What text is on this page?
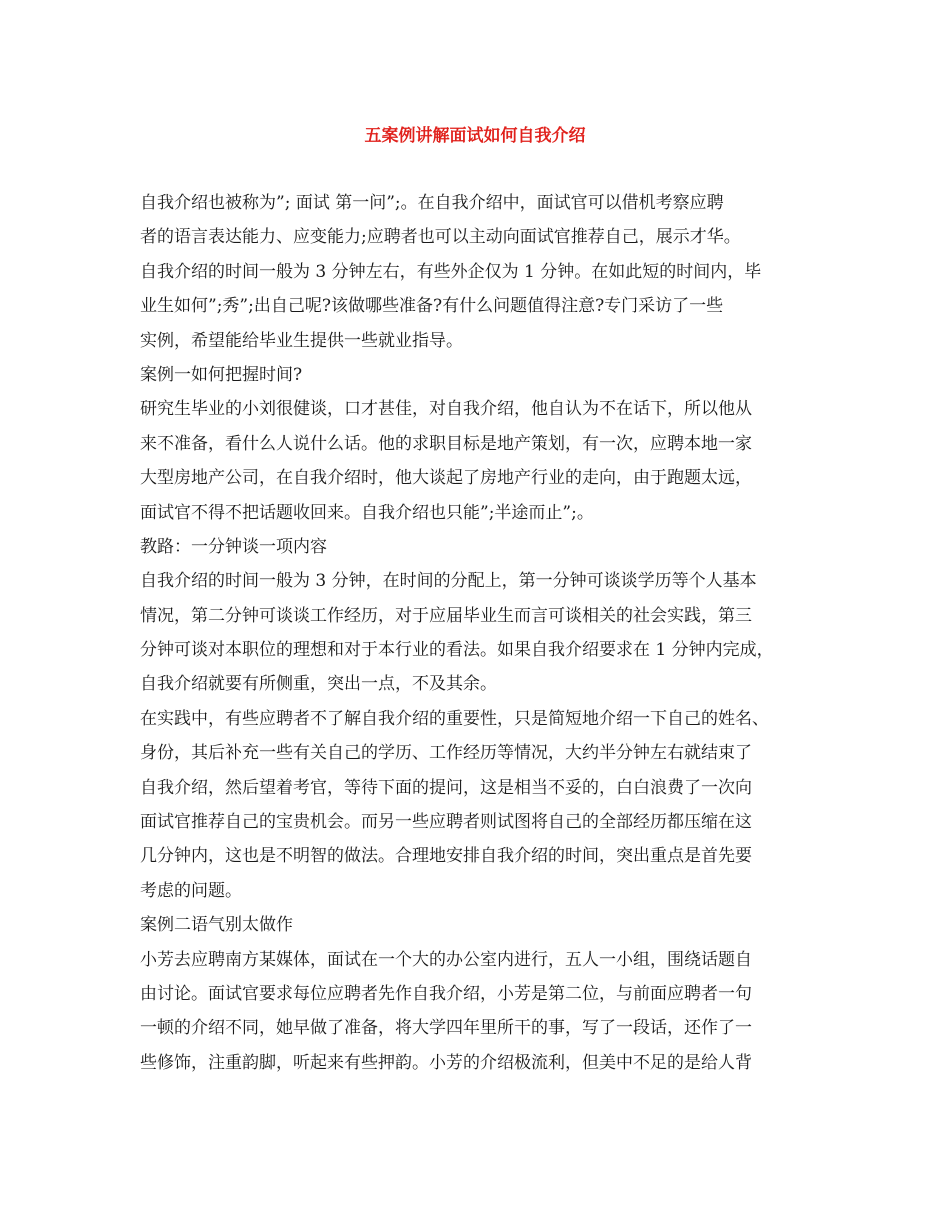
五案例讲解面试如何自我介绍
自我介绍也被称为”; 面试 第一问”;。在自我介绍中，面试官可以借机考察应聘
者的语言表达能力、应变能力;应聘者也可以主动向面试官推荐自己，展示才华。
自我介绍的时间一般为 3 分钟左右，有些外企仅为 1 分钟。在如此短的时间内，毕
业生如何”;秀”;出自己呢?该做哪些准备?有什么问题值得注意?专门采访了一些
实例，希望能给毕业生提供一些就业指导。
案例一如何把握时间?
研究生毕业的小刘很健谈，口才甚佳，对自我介绍，他自认为不在话下，所以他从
来不准备，看什么人说什么话。他的求职目标是地产策划，有一次，应聘本地一家
大型房地产公司，在自我介绍时，他大谈起了房地产行业的走向，由于跑题太远，
面试官不得不把话题收回来。自我介绍也只能”;半途而止”;。
教路：一分钟谈一项内容
自我介绍的时间一般为 3 分钟，在时间的分配上，第一分钟可谈谈学历等个人基本
情况，第二分钟可谈谈工作经历，对于应届毕业生而言可谈相关的社会实践，第三
分钟可谈对本职位的理想和对于本行业的看法。如果自我介绍要求在 1 分钟内完成，
自我介绍就要有所侧重，突出一点，不及其余。
在实践中，有些应聘者不了解自我介绍的重要性，只是简短地介绍一下自己的姓名、
身份，其后补充一些有关自己的学历、工作经历等情况，大约半分钟左右就结束了
自我介绍，然后望着考官，等待下面的提问，这是相当不妥的，白白浪费了一次向
面试官推荐自己的宝贵机会。而另一些应聘者则试图将自己的全部经历都压缩在这
几分钟内，这也是不明智的做法。合理地安排自我介绍的时间，突出重点是首先要
考虑的问题。
案例二语气别太做作
小芳去应聘南方某媒体，面试在一个大的办公室内进行，五人一小组，围绕话题自
由讨论。面试官要求每位应聘者先作自我介绍，小芳是第二位，与前面应聘者一句
一顿的介绍不同，她早做了准备，将大学四年里所干的事，写了一段话，还作了一
些修饰，注重韵脚，听起来有些押韵。小芳的介绍极流利，但美中不足的是给人背
